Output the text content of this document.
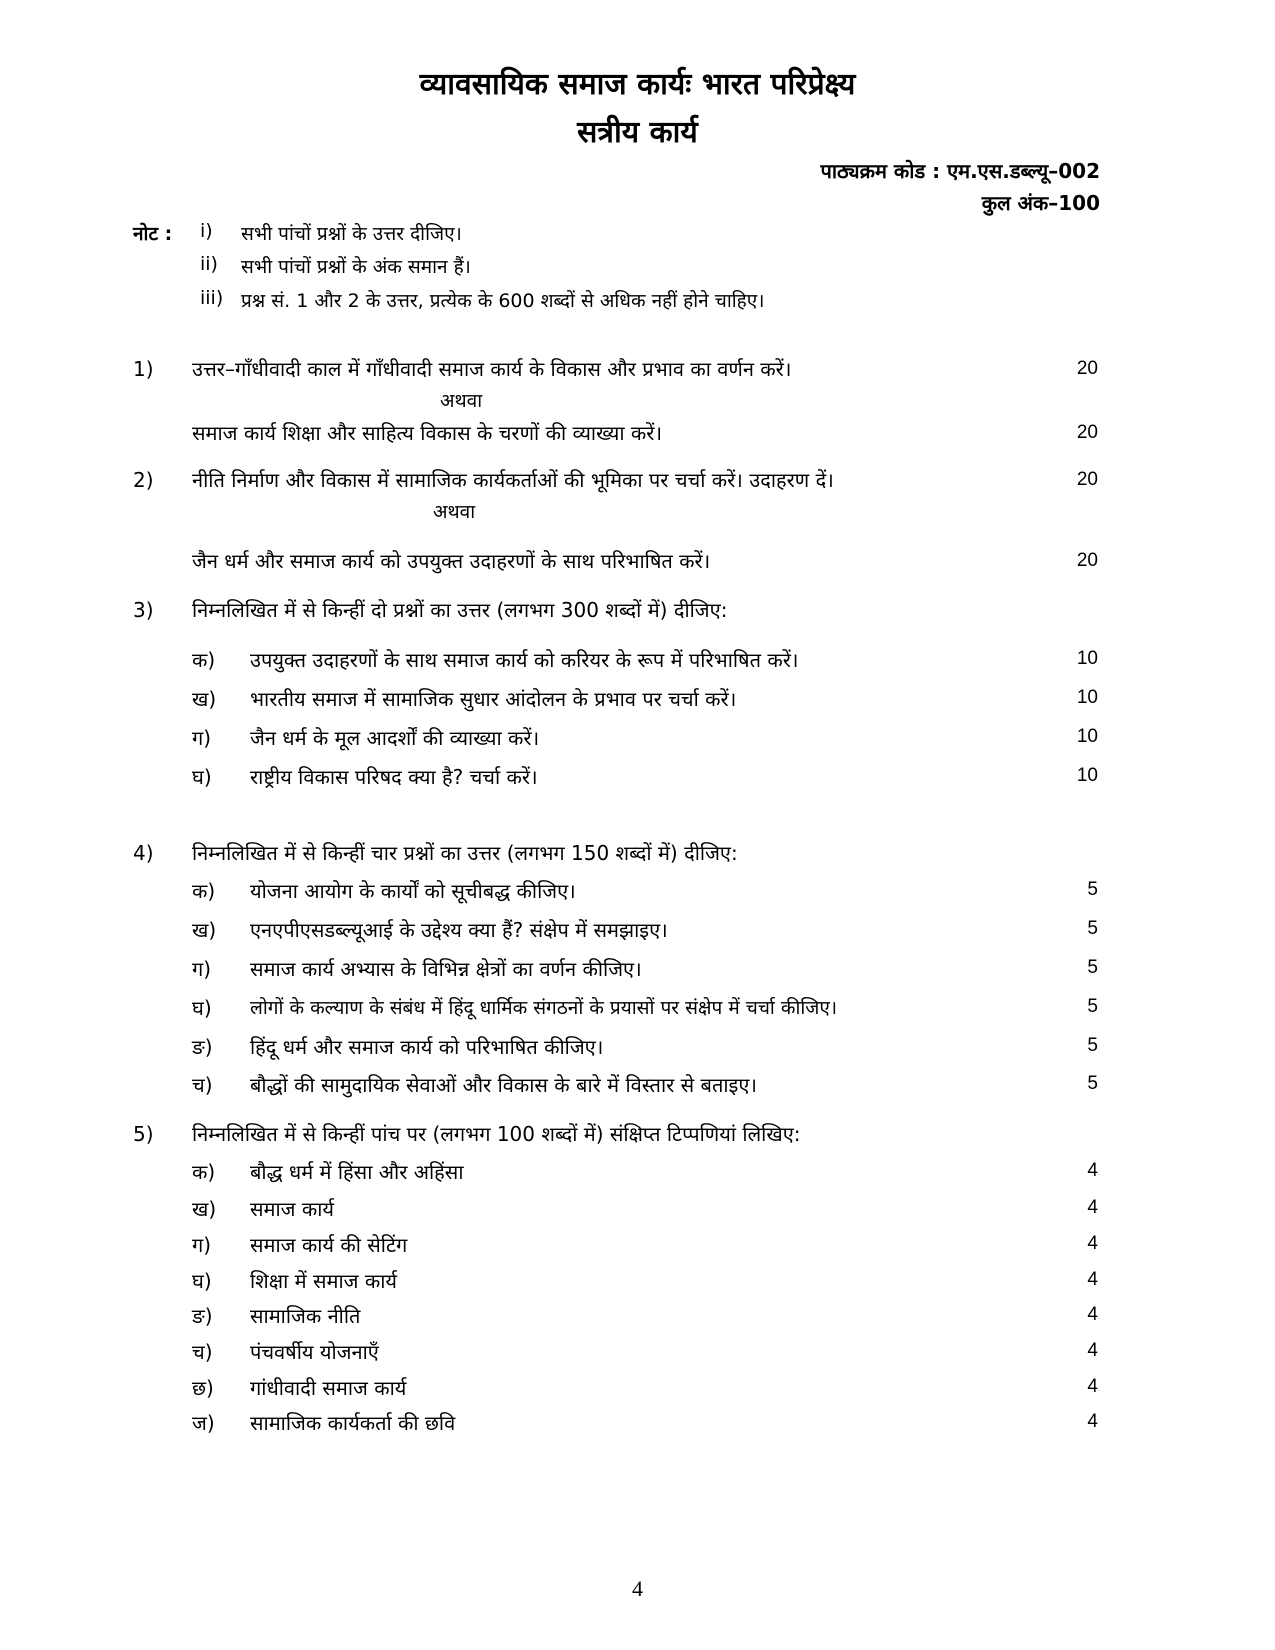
व्यावसायिक समाज कार्यः भारत परिप्रेक्ष्य
सत्रीय कार्य
पाठ्यक्रम कोड : एम.एस.डब्ल्यू–002
कुल अंक–100
नोट : i) सभी पांचों प्रश्नों के उत्तर दीजिए।
ii) सभी पांचों प्रश्नों के अंक समान हैं।
iii) प्रश्न सं. 1 और 2 के उत्तर, प्रत्येक के 600 शब्दों से अधिक नहीं होने चाहिए।
1) उत्तर–गाँधीवादी काल में गाँधीवादी समाज कार्य के विकास और प्रभाव का वर्णन करें।	20
अथवा
समाज कार्य शिक्षा और साहित्य विकास के चरणों की व्याख्या करें।	20
2) नीति निर्माण और विकास में सामाजिक कार्यकर्ताओं की भूमिका पर चर्चा करें। उदाहरण दें।	20
अथवा
जैन धर्म और समाज कार्य को उपयुक्त उदाहरणों के साथ परिभाषित करें।	20
3) निम्नलिखित में से किन्हीं दो प्रश्नों का उत्तर (लगभग 300 शब्दों में) दीजिए:
क) उपयुक्त उदाहरणों के साथ समाज कार्य को करियर के रूप में परिभाषित करें।	10
ख) भारतीय समाज में सामाजिक सुधार आंदोलन के प्रभाव पर चर्चा करें।	10
ग) जैन धर्म के मूल आदर्शों की व्याख्या करें।	10
घ) राष्ट्रीय विकास परिषद क्या है? चर्चा करें।	10
4) निम्नलिखित में से किन्हीं चार प्रश्नों का उत्तर (लगभग 150 शब्दों में) दीजिए:
क) योजना आयोग के कार्यों को सूचीबद्ध कीजिए।	5
ख) एनएपीएसडब्ल्यूआई के उद्देश्य क्या हैं? संक्षेप में समझाइए।	5
ग) समाज कार्य अभ्यास के विभिन्न क्षेत्रों का वर्णन कीजिए।	5
घ) लोगों के कल्याण के संबंध में हिंदू धार्मिक संगठनों के प्रयासों पर संक्षेप में चर्चा कीजिए।	5
ङ) हिंदू धर्म और समाज कार्य को परिभाषित कीजिए।	5
च) बौद्धों की सामुदायिक सेवाओं और विकास के बारे में विस्तार से बताइए।	5
5) निम्नलिखित में से किन्हीं पांच पर (लगभग 100 शब्दों में) संक्षिप्त टिप्पणियां लिखिए:
क) बौद्ध धर्म में हिंसा और अहिंसा	4
ख) समाज कार्य	4
ग) समाज कार्य की सेटिंग	4
घ) शिक्षा में समाज कार्य	4
ङ) सामाजिक नीति	4
च) पंचवर्षीय योजनाएँ	4
छ) गांधीवादी समाज कार्य	4
ज) सामाजिक कार्यकर्ता की छवि	4
4
